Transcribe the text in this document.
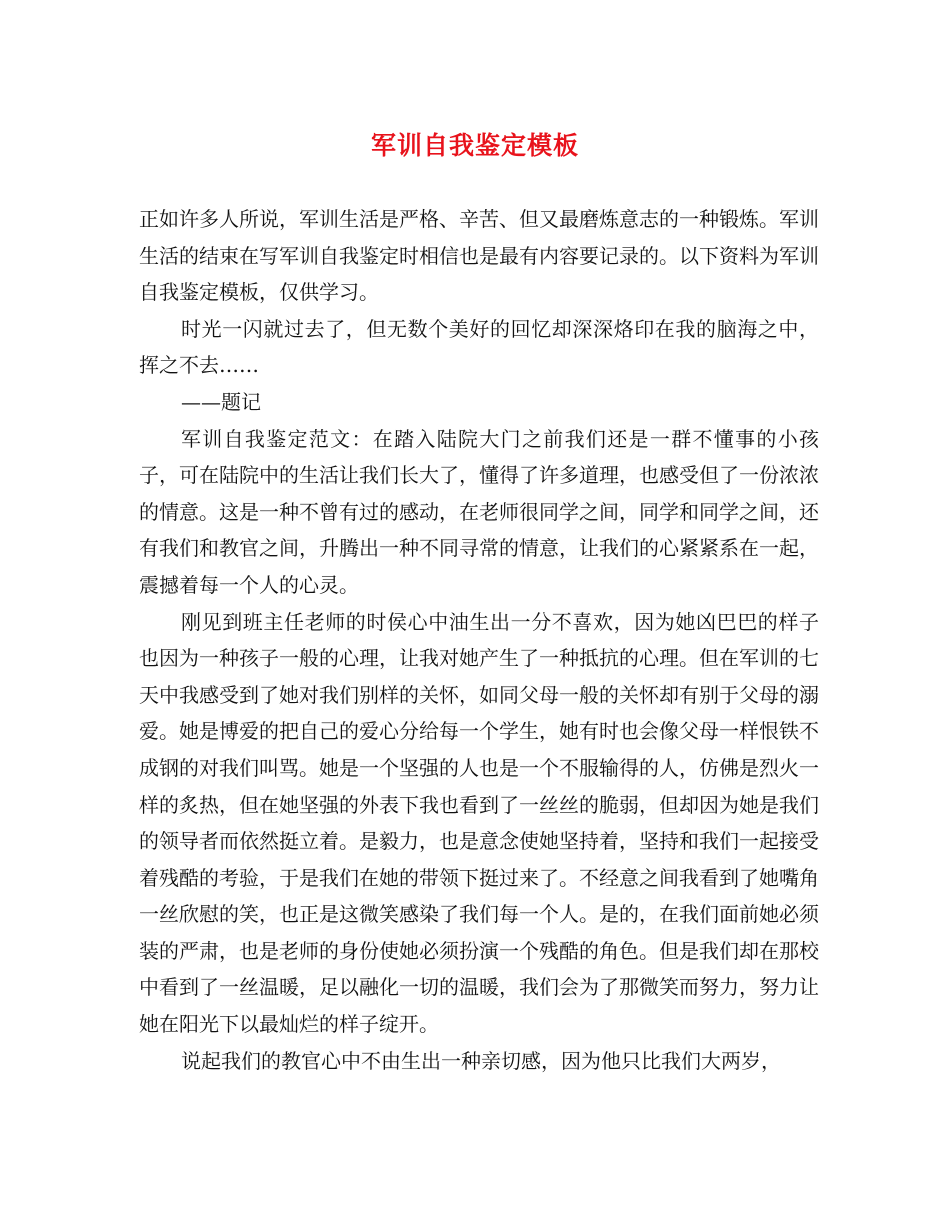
军训自我鉴定模板

正如许多人所说，军训生活是严格、辛苦、但又最磨炼意志的一种锻炼。军训生活的结束在写军训自我鉴定时相信也是最有内容要记录的。以下资料为军训自我鉴定模板，仅供学习。

时光一闪就过去了，但无数个美好的回忆却深深烙印在我的脑海之中，挥之不去……

——题记

军训自我鉴定范文：在踏入陆院大门之前我们还是一群不懂事的小孩子，可在陆院中的生活让我们长大了，懂得了许多道理，也感受但了一份浓浓的情意。这是一种不曾有过的感动，在老师很同学之间，同学和同学之间，还有我们和教官之间，升腾出一种不同寻常的情意，让我们的心紧紧系在一起，震撼着每一个人的心灵。

刚见到班主任老师的时侯心中油生出一分不喜欢，因为她凶巴巴的样子也因为一种孩子一般的心理，让我对她产生了一种抵抗的心理。但在军训的七天中我感受到了她对我们别样的关怀，如同父母一般的关怀却有别于父母的溺爱。她是博爱的把自己的爱心分给每一个学生，她有时也会像父母一样恨铁不成钢的对我们叫骂。她是一个坚强的人也是一个不服输得的人，仿佛是烈火一样的炙热，但在她坚强的外表下我也看到了一丝丝的脆弱，但却因为她是我们的领导者而依然挺立着。是毅力，也是意念使她坚持着，坚持和我们一起接受着残酷的考验，于是我们在她的带领下挺过来了。不经意之间我看到了她嘴角一丝欣慰的笑，也正是这微笑感染了我们每一个人。是的，在我们面前她必须装的严肃，也是老师的身份使她必须扮演一个残酷的角色。但是我们却在那校中看到了一丝温暖，足以融化一切的温暖，我们会为了那微笑而努力，努力让她在阳光下以最灿烂的样子绽开。

说起我们的教官心中不由生出一种亲切感，因为他只比我们大两岁，
